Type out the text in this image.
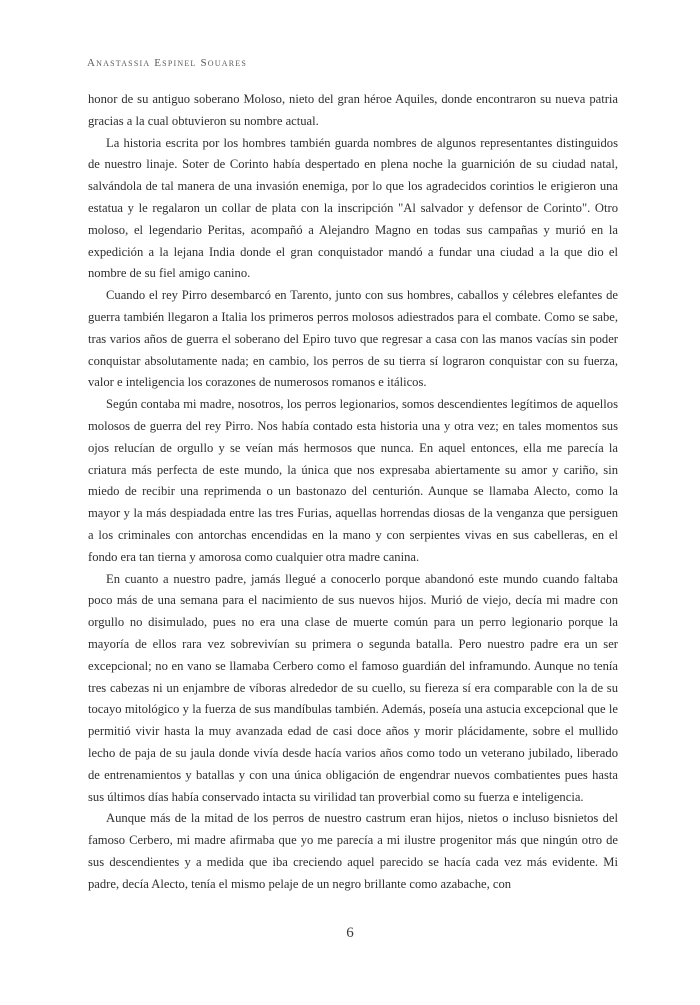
Anastassia Espinel Souares

honor de su antiguo soberano Moloso, nieto del gran héroe Aquiles, donde encontraron su nueva patria gracias a la cual obtuvieron su nombre actual.

La historia escrita por los hombres también guarda nombres de algunos representantes distinguidos de nuestro linaje. Soter de Corinto había despertado en plena noche la guarnición de su ciudad natal, salvándola de tal manera de una invasión enemiga, por lo que los agradecidos corintios le erigieron una estatua y le regalaron un collar de plata con la inscripción "Al salvador y defensor de Corinto". Otro moloso, el legendario Peritas, acompañó a Alejandro Magno en todas sus campañas y murió en la expedición a la lejana India donde el gran conquistador mandó a fundar una ciudad a la que dio el nombre de su fiel amigo canino.

Cuando el rey Pirro desembarcó en Tarento, junto con sus hombres, caballos y célebres elefantes de guerra también llegaron a Italia los primeros perros molosos adiestrados para el combate. Como se sabe, tras varios años de guerra el soberano del Epiro tuvo que regresar a casa con las manos vacías sin poder conquistar absolutamente nada; en cambio, los perros de su tierra sí lograron conquistar con su fuerza, valor e inteligencia los corazones de numerosos romanos e itálicos.

Según contaba mi madre, nosotros, los perros legionarios, somos descendientes legítimos de aquellos molosos de guerra del rey Pirro. Nos había contado esta historia una y otra vez; en tales momentos sus ojos relucían de orgullo y se veían más hermosos que nunca. En aquel entonces, ella me parecía la criatura más perfecta de este mundo, la única que nos expresaba abiertamente su amor y cariño, sin miedo de recibir una reprimenda o un bastonazo del centurión. Aunque se llamaba Alecto, como la mayor y la más despiadada entre las tres Furias, aquellas horrendas diosas de la venganza que persiguen a los criminales con antorchas encendidas en la mano y con serpientes vivas en sus cabelleras, en el fondo era tan tierna y amorosa como cualquier otra madre canina.

En cuanto a nuestro padre, jamás llegué a conocerlo porque abandonó este mundo cuando faltaba poco más de una semana para el nacimiento de sus nuevos hijos. Murió de viejo, decía mi madre con orgullo no disimulado, pues no era una clase de muerte común para un perro legionario porque la mayoría de ellos rara vez sobrevivían su primera o segunda batalla. Pero nuestro padre era un ser excepcional; no en vano se llamaba Cerbero como el famoso guardián del inframundo. Aunque no tenía tres cabezas ni un enjambre de víboras alrededor de su cuello, su fiereza sí era comparable con la de su tocayo mitológico y la fuerza de sus mandíbulas también. Además, poseía una astucia excepcional que le permitió vivir hasta la muy avanzada edad de casi doce años y morir plácidamente, sobre el mullido lecho de paja de su jaula donde vivía desde hacía varios años como todo un veterano jubilado, liberado de entrenamientos y batallas y con una única obligación de engendrar nuevos combatientes pues hasta sus últimos días había conservado intacta su virilidad tan proverbial como su fuerza e inteligencia.

Aunque más de la mitad de los perros de nuestro castrum eran hijos, nietos o incluso bisnietos del famoso Cerbero, mi madre afirmaba que yo me parecía a mi ilustre progenitor más que ningún otro de sus descendientes y a medida que iba creciendo aquel parecido se hacía cada vez más evidente. Mi padre, decía Alecto, tenía el mismo pelaje de un negro brillante como azabache, con

6
